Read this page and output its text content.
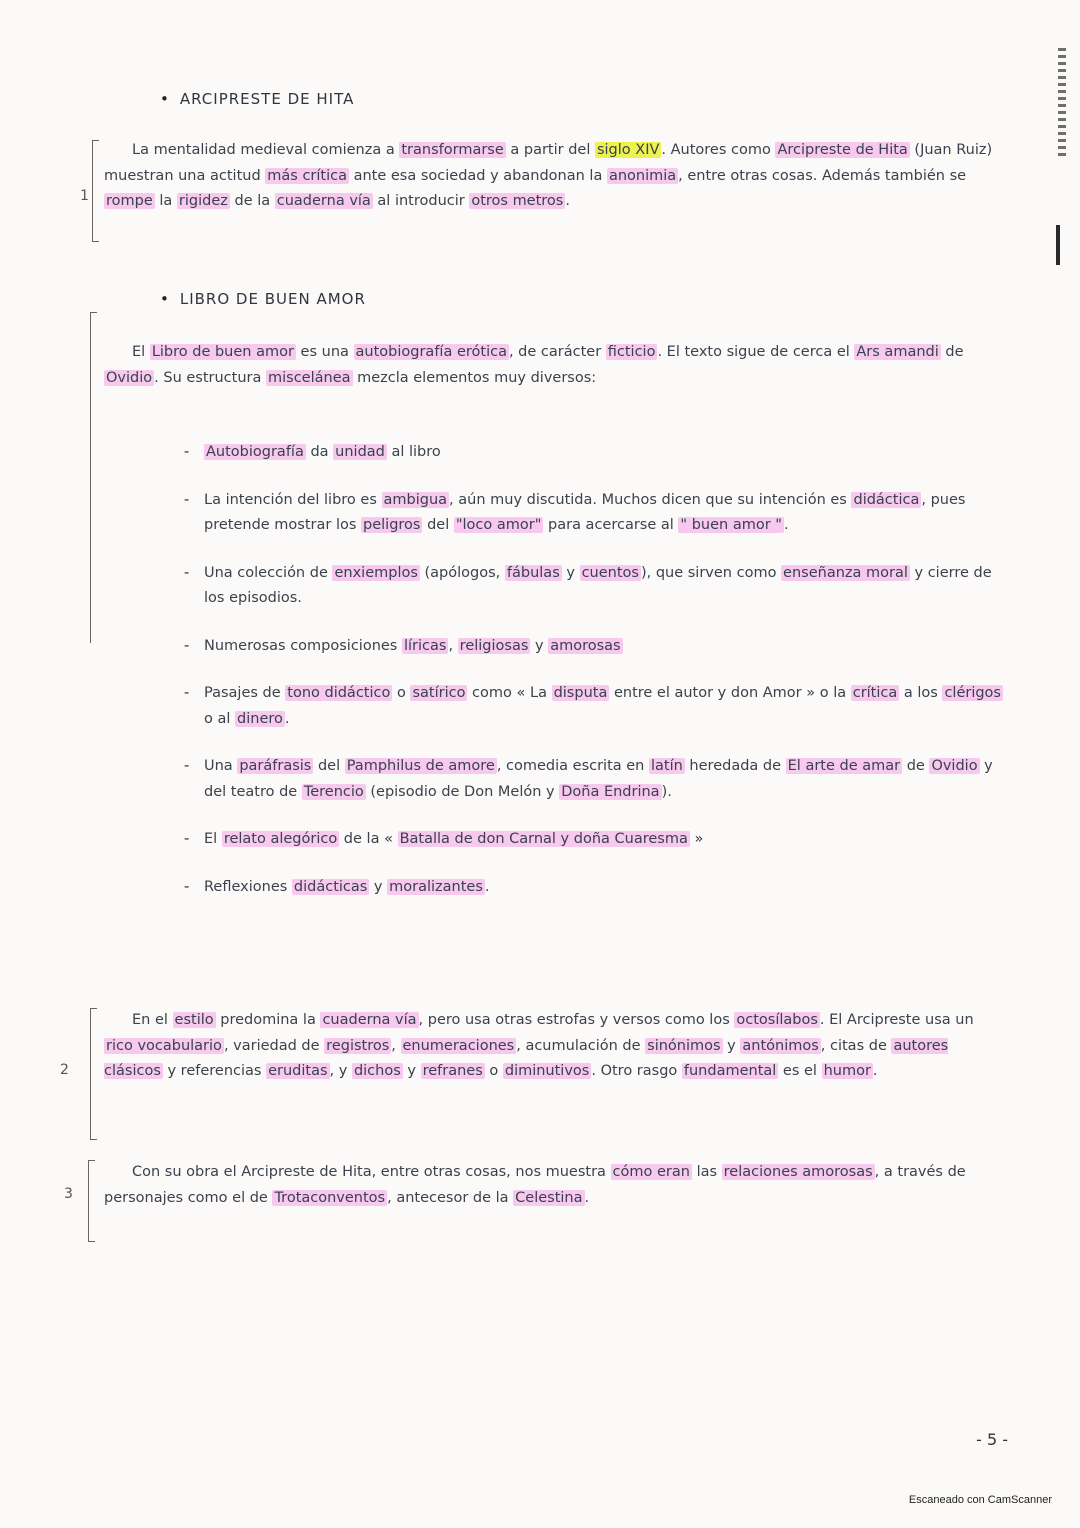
• ARCIPRESTE DE HITA
1
La mentalidad medieval comienza a transformarse a partir del siglo XIV . Autores como Arcipreste de Hita (Juan Ruiz) muestran una actitud más crítica ante esa sociedad y abandonan la anonimia , entre otras cosas. Además también se rompe la rigidez de la cuaderna vía al introducir otros metros .
• LIBRO DE BUEN AMOR
El Libro de buen amor es una autobiografía erótica , de carácter ficticio . El texto sigue de cerca el Ars amandi de Ovidio . Su estructura miscelánea mezcla elementos muy diversos:
- Autobiografía da unidad al libro
- La intención del libro es ambigua , aún muy discutida. Muchos dicen que su intención es didáctica , pues pretende mostrar los peligros del "loco amor" para acercarse al " buen amor " .
- Una colección de enxiemplos (apólogos, fábulas y cuentos ), que sirven como enseñanza moral y cierre de los episodios.
- Numerosas composiciones líricas , religiosas y amorosas
- Pasajes de tono didáctico o satírico como « La disputa entre el autor y don Amor » o la crítica a los clérigos o al dinero .
- Una paráfrasis del Pamphilus de amore , comedia escrita en latín heredada de El arte de amar de Ovidio y del teatro de Terencio (episodio de Don Melón y Doña Endrina ).
- El relato alegórico de la « Batalla de don Carnal y doña Cuaresma »
- Reflexiones didácticas y moralizantes .
2
En el estilo predomina la cuaderna vía , pero usa otras estrofas y versos como los octosílabos . El Arcipreste usa un rico vocabulario , variedad de registros , enumeraciones , acumulación de sinónimos y antónimos , citas de autores clásicos y referencias eruditas , y dichos y refranes o diminutivos . Otro rasgo fundamental es el humor .
3
Con su obra el Arcipreste de Hita, entre otras cosas, nos muestra cómo eran las relaciones amorosas , a través de personajes como el de Trotaconventos , antecesor de la Celestina .
- 5 -
Escaneado con CamScanner
